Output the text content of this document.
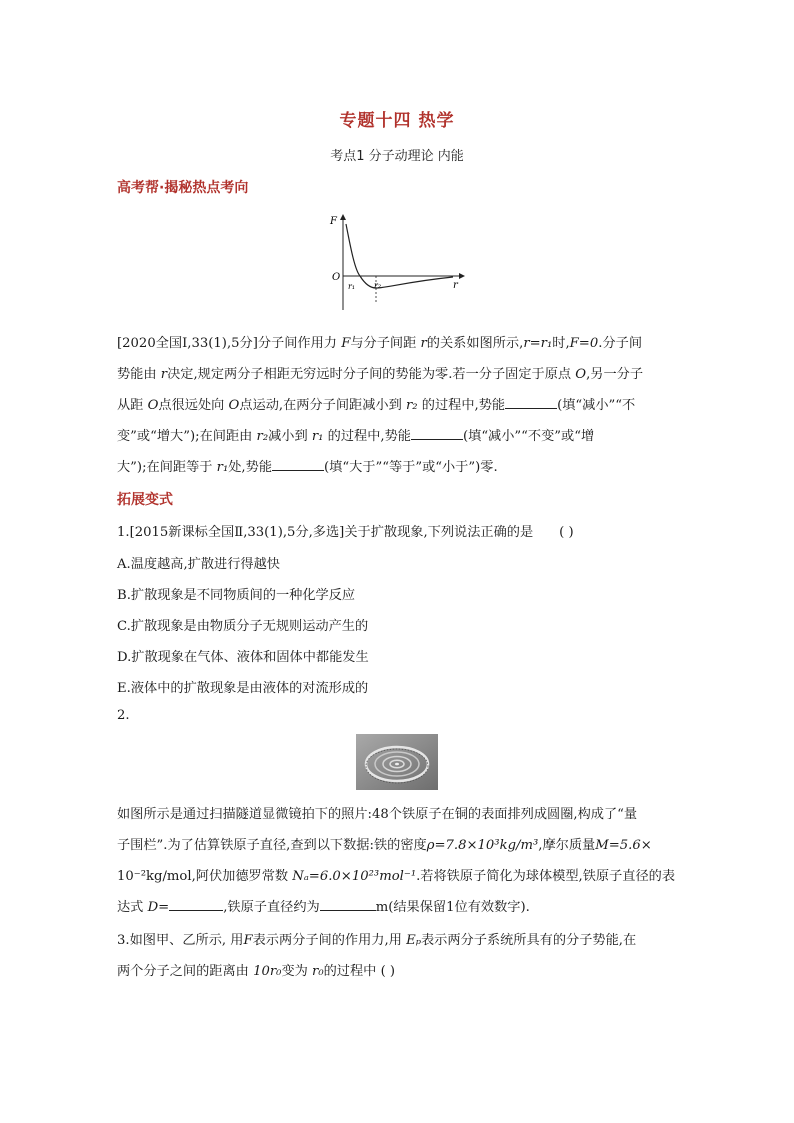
专题十四 热学
考点1 分子动理论 内能
高考帮·揭秘热点考向
F
O
r
r₁ r₂
[2020全国Ⅰ,33(1),5分]分子间作用力 F与分子间距 r的关系如图所示,r=r₁时,F=0.分子间
势能由 r决定,规定两分子相距无穷远时分子间的势能为零.若一分子固定于原点 O,另一分子
从距 O点很远处向 O点运动,在两分子间距减小到 r₂ 的过程中,势能	(填“减小”“不
变”或“增大”);在间距由 r₂减小到 r₁ 的过程中,势能	(填“减小”“不变”或“增
大”);在间距等于 r₁处,势能	(填“大于”“等于”或“小于”)零.
拓展变式
1.[2015新课标全国Ⅱ,33(1),5分,多选]关于扩散现象,下列说法正确的是 ( )
A.温度越高,扩散进行得越快
B.扩散现象是不同物质间的一种化学反应
C.扩散现象是由物质分子无规则运动产生的
D.扩散现象在气体、液体和固体中都能发生
E.液体中的扩散现象是由液体的对流形成的
2.
如图所示是通过扫描隧道显微镜拍下的照片:48个铁原子在铜的表面排列成圆圈,构成了“量
子围栏”.为了估算铁原子直径,查到以下数据:铁的密度ρ=7.8×10³kg/m³,摩尔质量M=5.6×
10⁻²kg/mol,阿伏加德罗常数 Nₐ=6.0×10²³mol⁻¹.若将铁原子简化为球体模型,铁原子直径的表
达式 D=	,铁原子直径约为	m(结果保留1位有效数字).
3.如图甲、乙所示, 用F表示两分子间的作用力,用 Eₚ表示两分子系统所具有的分子势能,在
两个分子之间的距离由 10r₀变为 r₀的过程中 ( )
